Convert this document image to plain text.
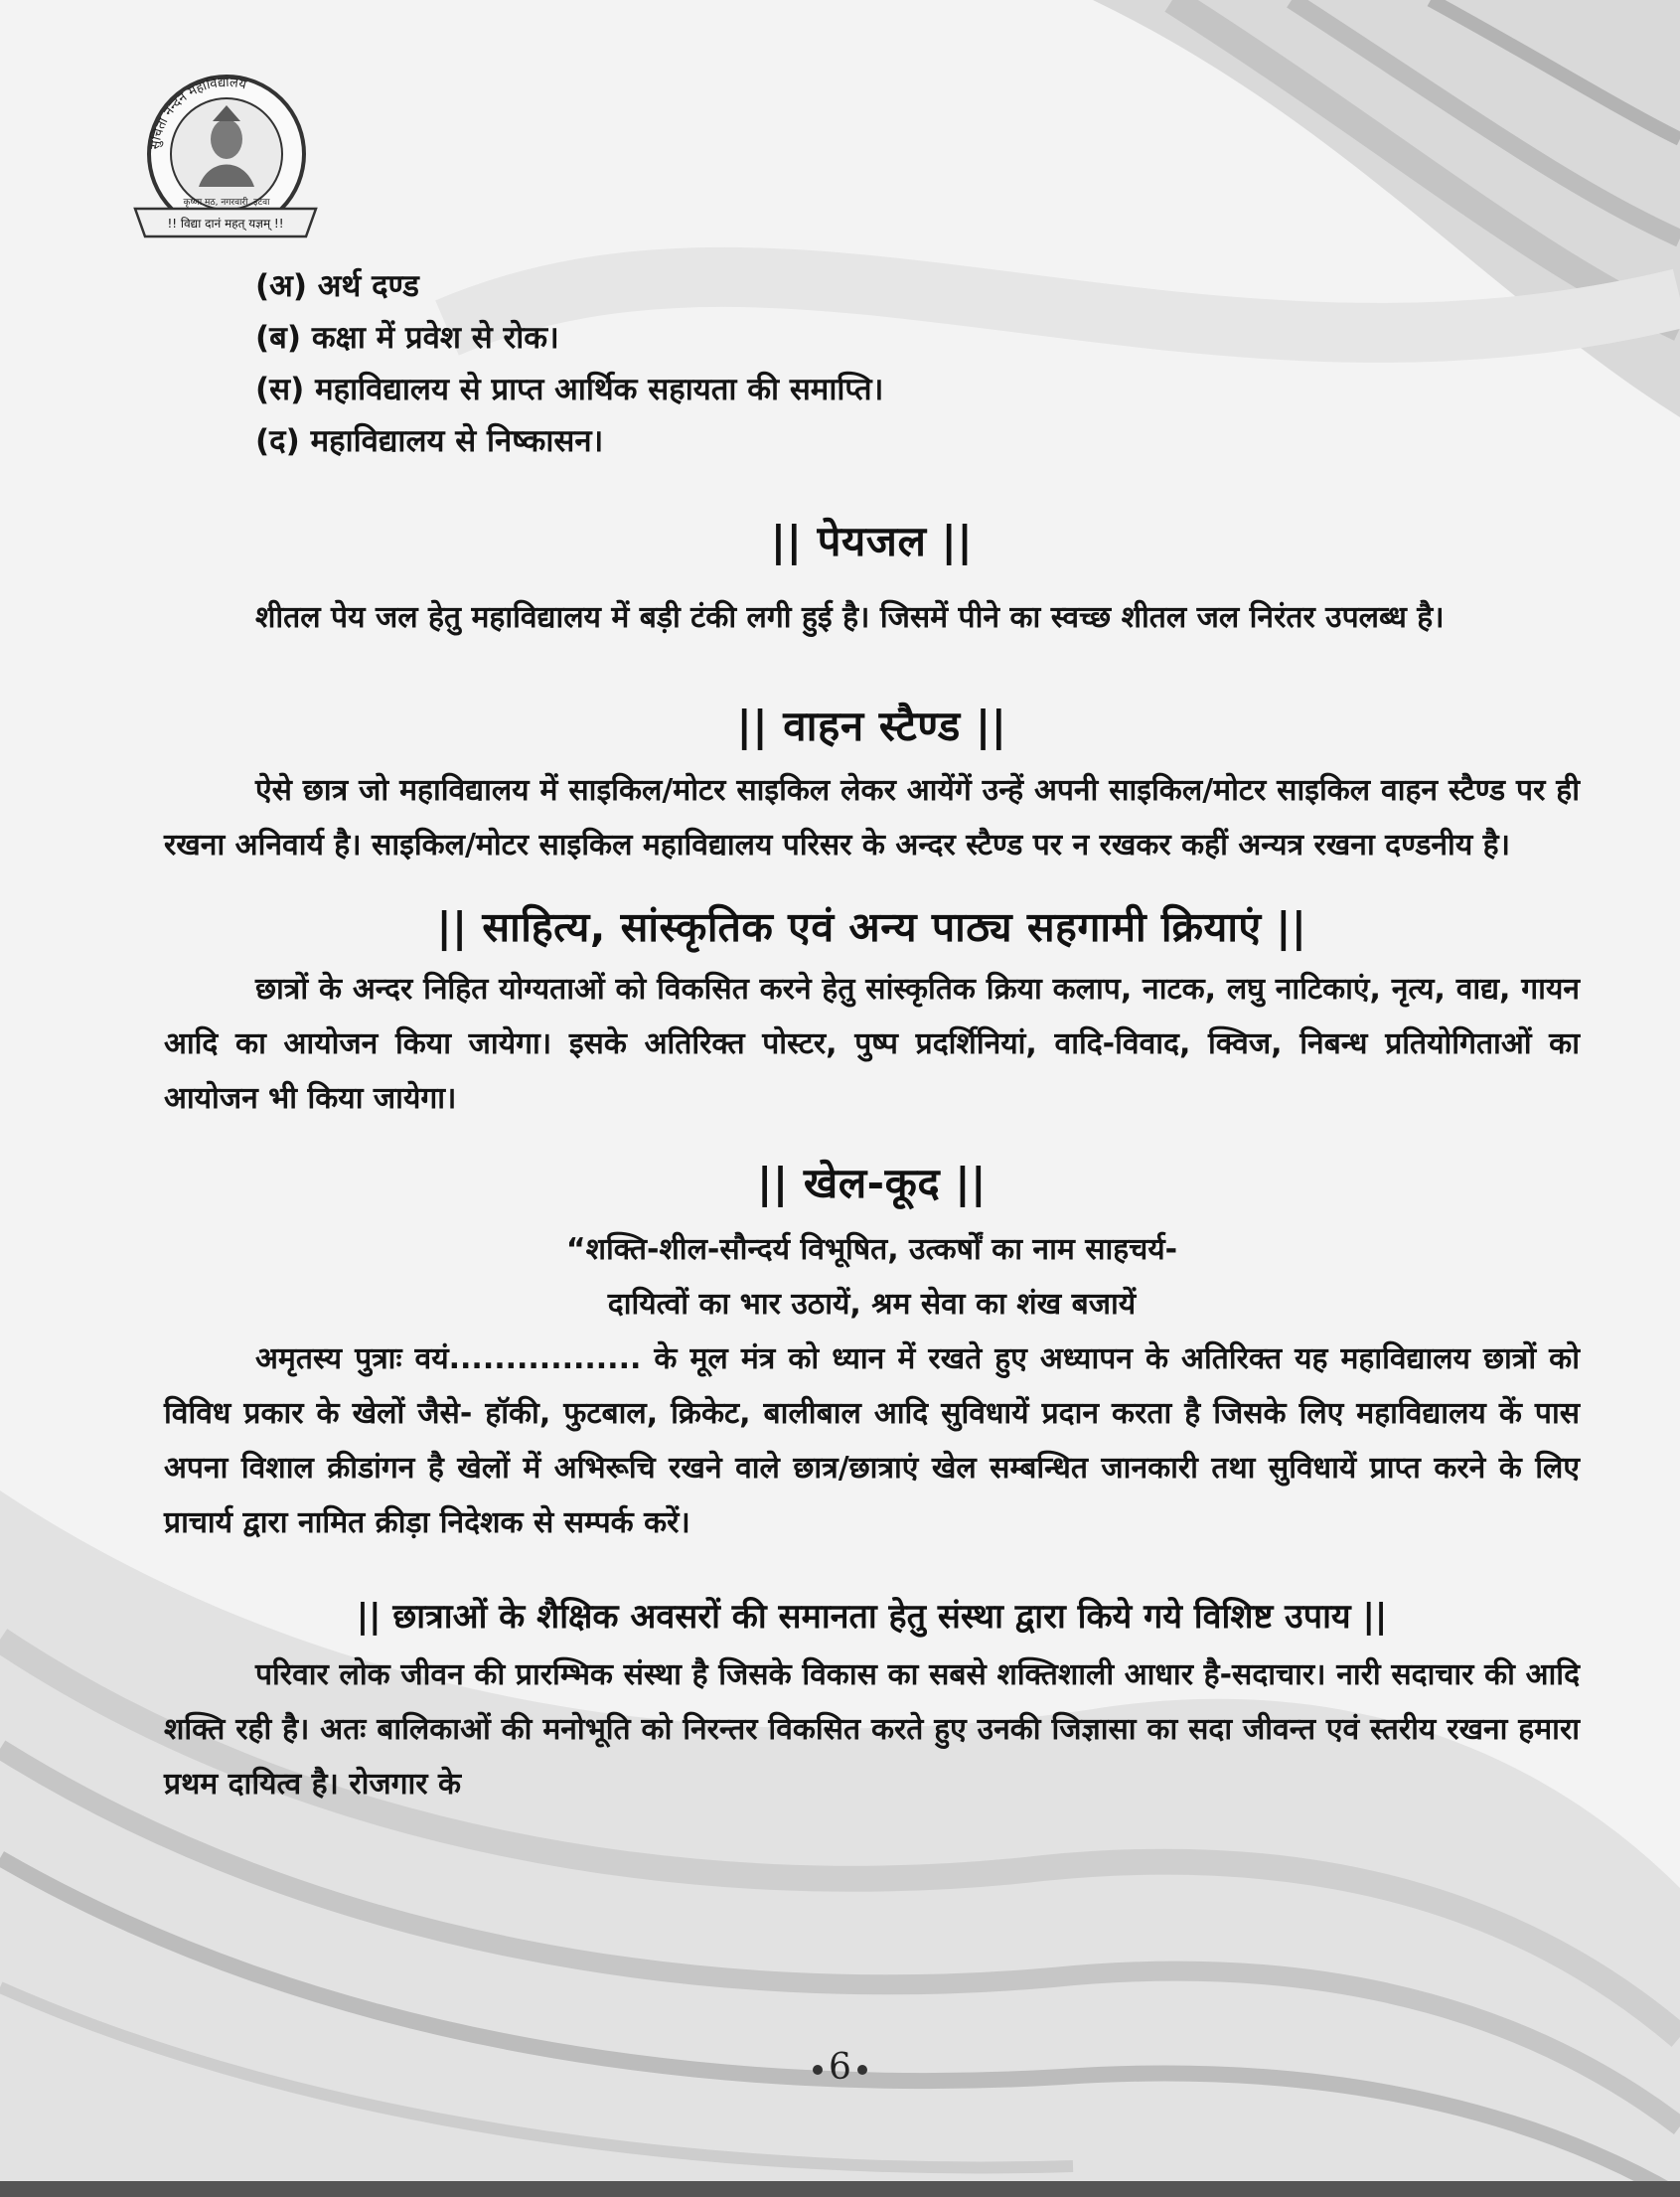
सुचिता नन्दन महाविद्यालय
कृष्णा मठ, नगरवारी, इटवा
!! विद्या दानं महत् यज्ञम् !!
(अ) अर्थ दण्ड
(ब) कक्षा में प्रवेश से रोक।
(स) महाविद्यालय से प्राप्त आर्थिक सहायता की समाप्ति।
(द) महाविद्यालय से निष्कासन।
|| पेयजल ||

शीतल पेय जल हेतु महाविद्यालय में बड़ी टंकी लगी हुई है। जिसमें पीने का स्वच्छ शीतल जल निरंतर उपलब्ध है।

|| वाहन स्टैण्ड ||

ऐसे छात्र जो महाविद्यालय में साइकिल/मोटर साइकिल लेकर आयेंगें उन्हें अपनी साइकिल/मोटर साइकिल वाहन स्टैण्ड पर ही रखना अनिवार्य है। साइकिल/मोटर साइकिल महाविद्यालय परिसर के अन्दर स्टैण्ड पर न रखकर कहीं अन्यत्र रखना दण्डनीय है।

|| साहित्य, सांस्कृतिक एवं अन्य पाठ्य सहगामी क्रियाएं ||

छात्रों के अन्दर निहित योग्यताओं को विकसित करने हेतु सांस्कृतिक क्रिया कलाप, नाटक, लघु नाटिकाएं, नृत्य, वाद्य, गायन आदि का आयोजन किया जायेगा। इसके अतिरिक्त पोस्टर, पुष्प प्रदर्शिनियां, वादि-विवाद, क्विज, निबन्ध प्रतियोगिताओं का आयोजन भी किया जायेगा।

|| खेल-कूद ||
“शक्ति-शील-सौन्दर्य विभूषित, उत्कर्षों का नाम साहचर्य-
दायित्वों का भार उठायें, श्रम सेवा का शंख बजायें

अमृतस्य पुत्राः वयं................. के मूल मंत्र को ध्यान में रखते हुए अध्यापन के अतिरिक्त यह महाविद्यालय छात्रों को विविध प्रकार के खेलों जैसे- हॉकी, फुटबाल, क्रिकेट, बालीबाल आदि सुविधायें प्रदान करता है जिसके लिए महाविद्यालय कें पास अपना विशाल क्रीडांगन है खेलों में अभिरूचि रखने वाले छात्र/छात्राएं खेल सम्बन्धित जानकारी तथा सुविधायें प्राप्त करने के लिए प्राचार्य द्वारा नामित क्रीड़ा निदेशक से सम्पर्क करें।

|| छात्राओं के शैक्षिक अवसरों की समानता हेतु संस्था द्वारा किये गये विशिष्ट उपाय ||

परिवार लोक जीवन की प्रारम्भिक संस्था है जिसके विकास का सबसे शक्तिशाली आधार है-सदाचार। नारी सदाचार की आदि शक्ति रही है। अतः बालिकाओं की मनोभूति को निरन्तर विकसित करते हुए उनकी जिज्ञासा का सदा जीवन्त एवं स्तरीय रखना हमारा प्रथम दायित्व है। रोजगार के

6
